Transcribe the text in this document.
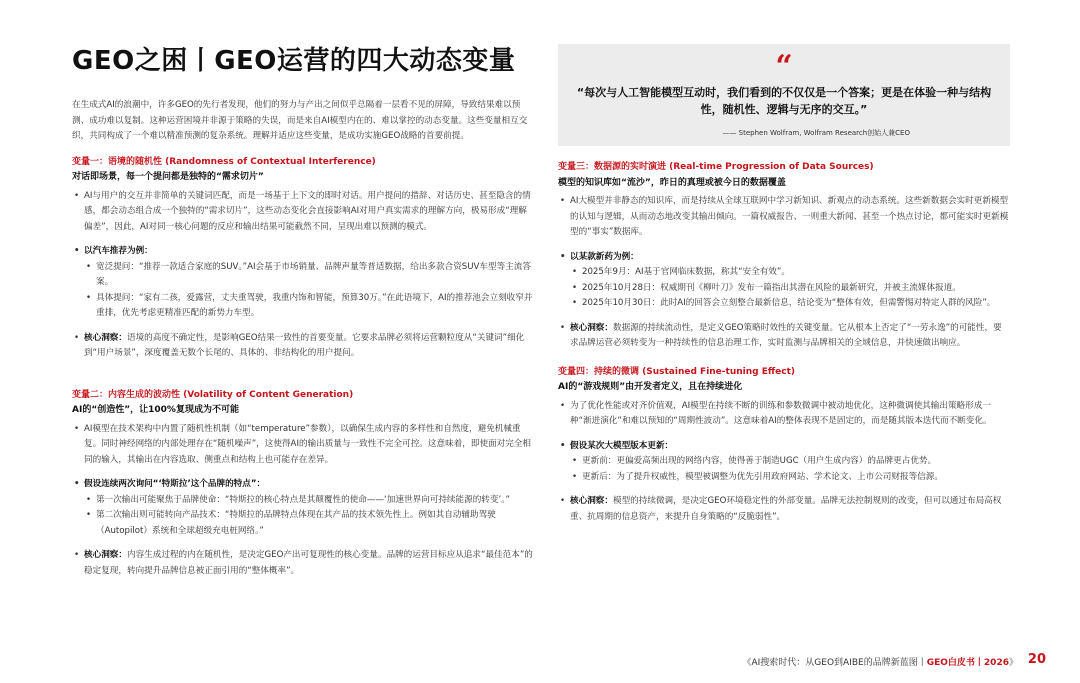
GEO之困丨GEO运营的四大动态变量
在生成式AI的浪潮中，许多GEO的先行者发现，他们的努力与产出之间似乎总隔着一层看不见的屏障，导致结果难以预测、成功难以复制。这种运营困境并非源于策略的失误，而是来自AI模型内在的、难以掌控的动态变量。这些变量相互交织，共同构成了一个难以精准预测的复杂系统。理解并适应这些变量，是成功实施GEO战略的首要前提。
变量一：语境的随机性 (Randomness of Contextual Interference)
对话即场景，每一个提问都是独特的“需求切片”
• AI与用户的交互并非简单的关键词匹配，而是一场基于上下文的即时对话。用户提问的措辞、对话历史、甚至隐含的情感，都会动态组合成一个独特的“需求切片”，这些动态变化会直接影响AI对用户真实需求的理解方向，极易形成“理解偏差”，因此，AI对同一核心问题的反应和输出结果可能截然不同，呈现出难以预测的模式。
• 以汽车推荐为例：
• 宽泛提问：“推荐一款适合家庭的SUV。”AI会基于市场销量、品牌声量等普适数据，给出多款合资SUV车型等主流答案。
• 具体提问：“家有二孩，爱露营，丈夫重驾驶，我重内饰和智能，预算30万。”在此语境下，AI的推荐池会立刻收窄并重排，优先考虑更精准匹配的新势力车型。
• 核心洞察：语境的高度不确定性，是影响GEO结果一致性的首要变量。它要求品牌必须将运营颗粒度从“关键词”细化到“用户场景”，深度覆盖无数个长尾的、具体的、非结构化的用户提问。
变量二：内容生成的波动性 (Volatility of Content Generation)
AI的“创造性”，让100%复现成为不可能
• AI模型在技术架构中内置了随机性机制（如“temperature”参数），以确保生成内容的多样性和自然度，避免机械重复。同时神经网络的内部处理存在“随机噪声”，这使得AI的输出质量与一致性不完全可控。这意味着，即使面对完全相同的输入，其输出在内容选取、侧重点和结构上也可能存在差异。
• 假设连续两次询问“‘特斯拉’这个品牌的特点”：
• 第一次输出可能聚焦于品牌使命：“特斯拉的核心特点是其颠覆性的使命——‘加速世界向可持续能源的转变’。”
• 第二次输出则可能转向产品技术：“特斯拉的品牌特点体现在其产品的技术领先性上。例如其自动辅助驾驶（Autopilot）系统和全球超级充电桩网络。”
• 核心洞察：内容生成过程的内在随机性，是决定GEO产出可复现性的核心变量。品牌的运营目标应从追求“最佳范本”的稳定复现，转向提升品牌信息被正面引用的“整体概率”。
“
“每次与人工智能模型互动时，我们看到的不仅仅是一个答案；更是在体验一种与结构性，随机性、逻辑与无序的交互。”
—— Stephen Wolfram, Wolfram Research创始人兼CEO
变量三：数据源的实时演进 (Real-time Progression of Data Sources)
模型的知识库如“流沙”，昨日的真理或被今日的数据覆盖
• AI大模型并非静态的知识库，而是持续从全球互联网中学习新知识、新观点的动态系统。这些新数据会实时更新模型的认知与逻辑，从而动态地改变其输出倾向。一篇权威报告、一则重大新闻、甚至一个热点讨论，都可能实时更新模型的“事实”数据库。
• 以某款新药为例：
• 2025年9月：AI基于官网临床数据，称其“安全有效”。
• 2025年10月28日：权威期刊《柳叶刀》发布一篇指出其潜在风险的最新研究，并被主流媒体报道。
• 2025年10月30日：此时AI的回答会立刻整合最新信息，结论变为“整体有效，但需警惕对特定人群的风险”。
• 核心洞察：数据源的持续流动性，是定义GEO策略时效性的关键变量。它从根本上否定了“一劳永逸”的可能性，要求品牌运营必须转变为一种持续性的信息治理工作，实时监测与品牌相关的全域信息，并快速做出响应。
变量四：持续的微调 (Sustained Fine-tuning Effect)
AI的“游戏规则”由开发者定义，且在持续进化
• 为了优化性能或对齐价值观，AI模型在持续不断的训练和参数微调中被动地优化，这种微调使其输出策略形成一种“渐进演化”和难以预知的“周期性波动”。这意味着AI的整体表现不是固定的，而是随其版本迭代而不断变化。
• 假设某次大模型版本更新：
• 更新前：更偏爱高频出现的网络内容，使得善于制造UGC（用户生成内容）的品牌更占优势。
• 更新后：为了提升权威性，模型被调整为优先引用政府网站、学术论文、上市公司财报等信源。
• 核心洞察：模型的持续微调，是决定GEO环境稳定性的外部变量。品牌无法控制规则的改变，但可以通过布局高权重、抗周期的信息资产，来提升自身策略的“反脆弱性”。
《AI搜索时代：从GEO到AIBE的品牌新蓝图丨GEO白皮书丨2026》 20
